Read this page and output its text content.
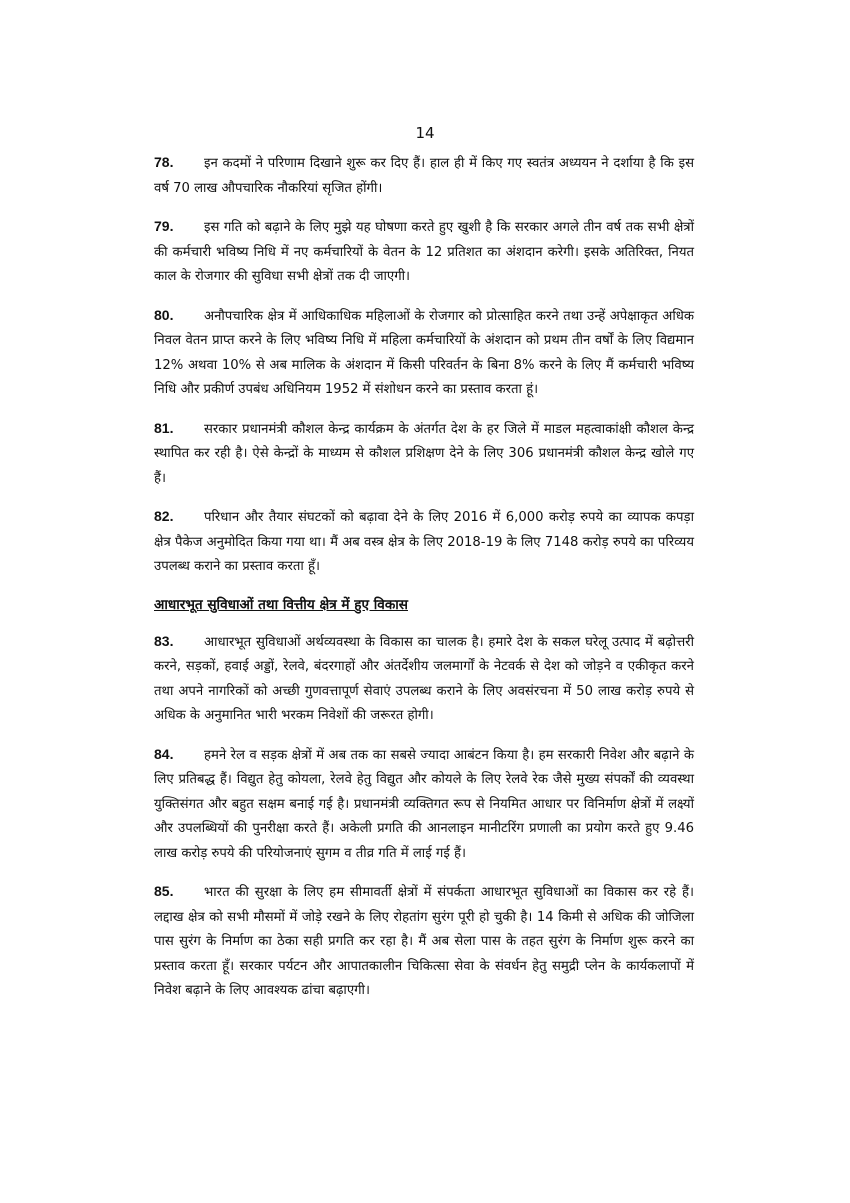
14

78. इन कदमों ने परिणाम दिखाने शुरू कर दिए हैं। हाल ही में किए गए स्वतंत्र अध्ययन ने दर्शाया है कि इस वर्ष 70 लाख औपचारिक नौकरियां सृजित होंगी।

79. इस गति को बढ़ाने के लिए मुझे यह घोषणा करते हुए खुशी है कि सरकार अगले तीन वर्ष तक सभी क्षेत्रों की कर्मचारी भविष्य निधि में नए कर्मचारियों के वेतन के 12 प्रतिशत का अंशदान करेगी। इसके अतिरिक्त, नियत काल के रोजगार की सुविधा सभी क्षेत्रों तक दी जाएगी।

80. अनौपचारिक क्षेत्र में आधिकाधिक महिलाओं के रोजगार को प्रोत्साहित करने तथा उन्हें अपेक्षाकृत अधिक निवल वेतन प्राप्त करने के लिए भविष्य निधि में महिला कर्मचारियों के अंशदान को प्रथम तीन वर्षों के लिए विद्यमान 12% अथवा 10% से अब मालिक के अंशदान में किसी परिवर्तन के बिना 8% करने के लिए मैं कर्मचारी भविष्य निधि और प्रकीर्ण उपबंध अधिनियम 1952 में संशोधन करने का प्रस्ताव करता हूं।

81. सरकार प्रधानमंत्री कौशल केन्द्र कार्यक्रम के अंतर्गत देश के हर जिले में माडल महत्वाकांक्षी कौशल केन्द्र स्थापित कर रही है। ऐसे केन्द्रों के माध्यम से कौशल प्रशिक्षण देने के लिए 306 प्रधानमंत्री कौशल केन्द्र खोले गए हैं।

82. परिधान और तैयार संघटकों को बढ़ावा देने के लिए 2016 में 6,000 करोड़ रुपये का व्यापक कपड़ा क्षेत्र पैकेज अनुमोदित किया गया था। मैं अब वस्त्र क्षेत्र के लिए 2018-19 के लिए 7148 करोड़ रुपये का परिव्यय उपलब्ध कराने का प्रस्ताव करता हूँ।

आधारभूत सुविधाओं तथा वित्तीय क्षेत्र में हुए विकास

83. आधारभूत सुविधाओं अर्थव्यवस्था के विकास का चालक है। हमारे देश के सकल घरेलू उत्पाद में बढ़ोत्तरी करने, सड़कों, हवाई अड्डों, रेलवे, बंदरगाहों और अंतर्देशीय जलमार्गों के नेटवर्क से देश को जोड़ने व एकीकृत करने तथा अपने नागरिकों को अच्छी गुणवत्तापूर्ण सेवाएं उपलब्ध कराने के लिए अवसंरचना में 50 लाख करोड़ रुपये से अधिक के अनुमानित भारी भरकम निवेशों की जरूरत होगी।

84. हमने रेल व सड़क क्षेत्रों में अब तक का सबसे ज्यादा आबंटन किया है। हम सरकारी निवेश और बढ़ाने के लिए प्रतिबद्ध हैं। विद्युत हेतु कोयला, रेलवे हेतु विद्युत और कोयले के लिए रेलवे रेक जैसे मुख्य संपर्कों की व्यवस्था युक्तिसंगत और बहुत सक्षम बनाई गई है। प्रधानमंत्री व्यक्तिगत रूप से नियमित आधार पर विनिर्माण क्षेत्रों में लक्ष्यों और उपलब्धियों की पुनरीक्षा करते हैं। अकेली प्रगति की आनलाइन मानीटरिंग प्रणाली का प्रयोग करते हुए 9.46 लाख करोड़ रुपये की परियोजनाएं सुगम व तीव्र गति में लाई गई हैं।

85. भारत की सुरक्षा के लिए हम सीमावर्ती क्षेत्रों में संपर्कता आधारभूत सुविधाओं का विकास कर रहे हैं। लद्दाख क्षेत्र को सभी मौसमों में जोड़े रखने के लिए रोहतांग सुरंग पूरी हो चुकी है। 14 किमी से अधिक की जोजिला पास सुरंग के निर्माण का ठेका सही प्रगति कर रहा है। मैं अब सेला पास के तहत सुरंग के निर्माण शुरू करने का प्रस्ताव करता हूँ। सरकार पर्यटन और आपातकालीन चिकित्सा सेवा के संवर्धन हेतु समुद्री प्लेन के कार्यकलापों में निवेश बढ़ाने के लिए आवश्यक ढांचा बढ़ाएगी।
